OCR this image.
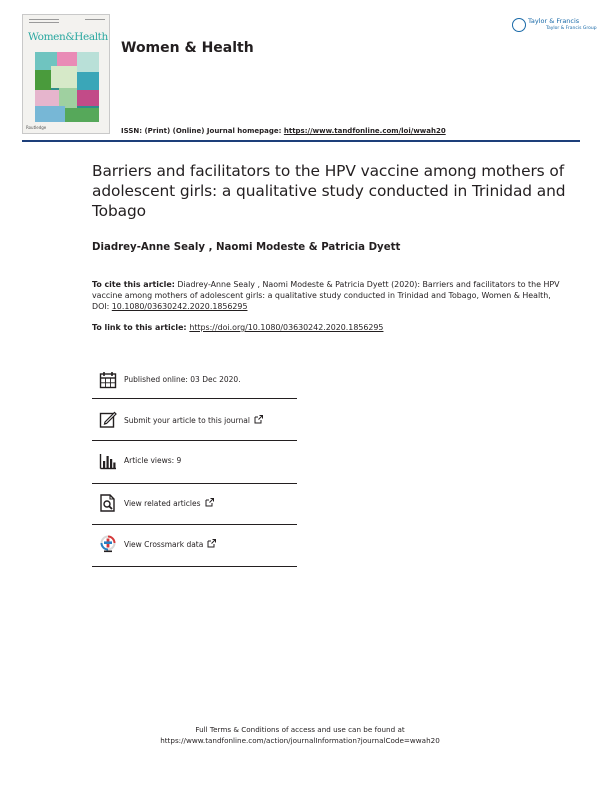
Women&Health
Routledge
Women & Health
Taylor & Francis
Taylor & Francis Group
ISSN: (Print) (Online) Journal homepage: https://www.tandfonline.com/loi/wwah20
Barriers and facilitators to the HPV vaccine among mothers of adolescent girls: a qualitative study conducted in Trinidad and Tobago
Diadrey-Anne Sealy , Naomi Modeste & Patricia Dyett
To cite this article: Diadrey-Anne Sealy , Naomi Modeste & Patricia Dyett (2020): Barriers and facilitators to the HPV vaccine among mothers of adolescent girls: a qualitative study conducted in Trinidad and Tobago, Women & Health, DOI: 10.1080/03630242.2020.1856295
To link to this article: https://doi.org/10.1080/03630242.2020.1856295
Published online: 03 Dec 2020.
Submit your article to this journal
Article views: 9
View related articles
View Crossmark data
Full Terms & Conditions of access and use can be found at
https://www.tandfonline.com/action/journalInformation?journalCode=wwah20
